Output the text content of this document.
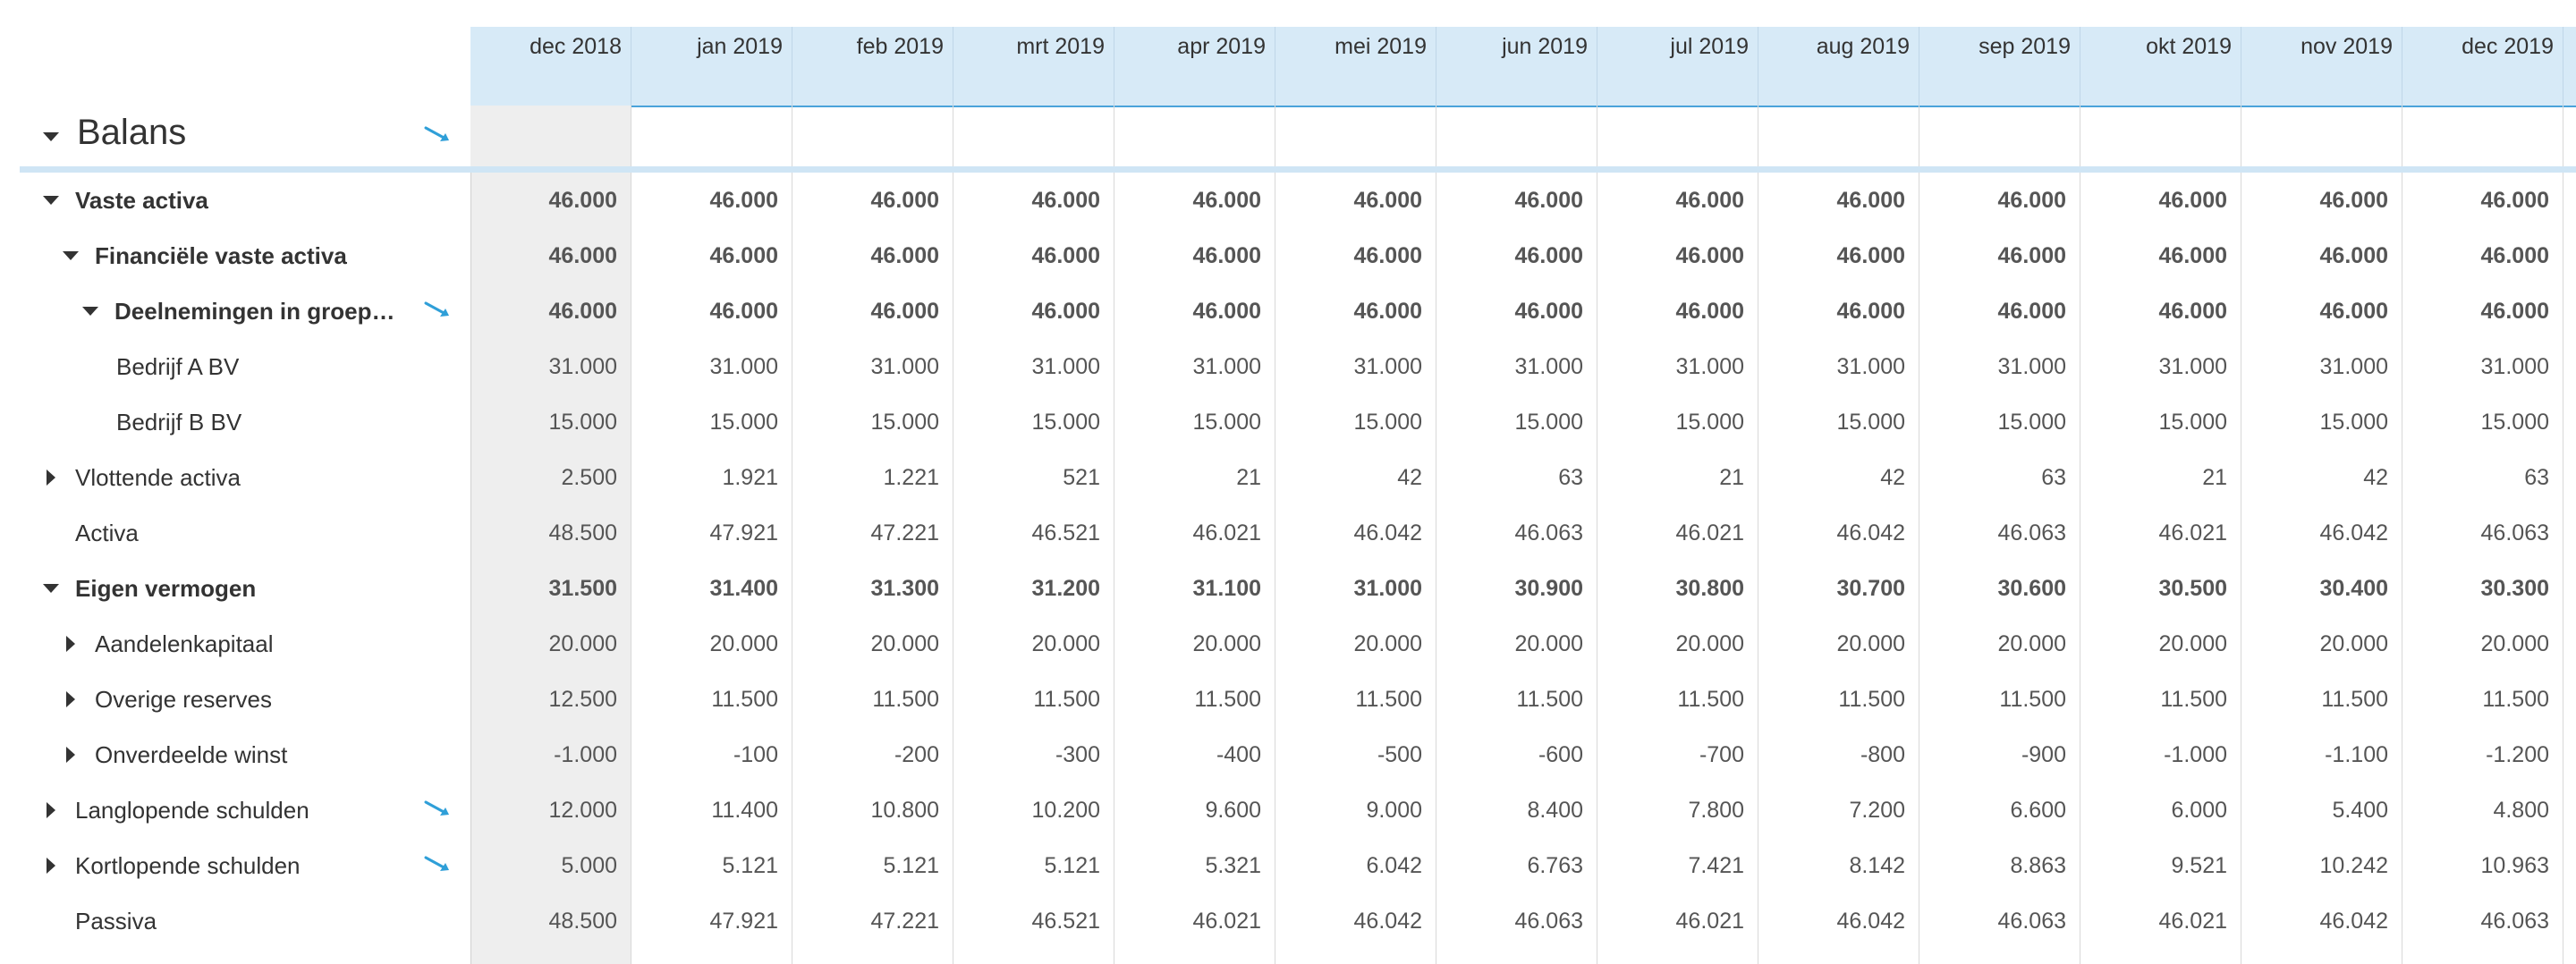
dec 2018	jan 2019	feb 2019	mrt 2019	apr 2019	mei 2019	jun 2019	jul 2019	aug 2019	sep 2019	okt 2019	nov 2019	dec 2019
Balans
Vaste activa	46.000	46.000	46.000	46.000	46.000	46.000	46.000	46.000	46.000	46.000	46.000	46.000	46.000
Financiële vaste activa	46.000	46.000	46.000	46.000	46.000	46.000	46.000	46.000	46.000	46.000	46.000	46.000	46.000
Deelnemingen in groep…	46.000	46.000	46.000	46.000	46.000	46.000	46.000	46.000	46.000	46.000	46.000	46.000	46.000
Bedrijf A BV	31.000	31.000	31.000	31.000	31.000	31.000	31.000	31.000	31.000	31.000	31.000	31.000	31.000
Bedrijf B BV	15.000	15.000	15.000	15.000	15.000	15.000	15.000	15.000	15.000	15.000	15.000	15.000	15.000
Vlottende activa	2.500	1.921	1.221	521	21	42	63	21	42	63	21	42	63
Activa	48.500	47.921	47.221	46.521	46.021	46.042	46.063	46.021	46.042	46.063	46.021	46.042	46.063
Eigen vermogen	31.500	31.400	31.300	31.200	31.100	31.000	30.900	30.800	30.700	30.600	30.500	30.400	30.300
Aandelenkapitaal	20.000	20.000	20.000	20.000	20.000	20.000	20.000	20.000	20.000	20.000	20.000	20.000	20.000
Overige reserves	12.500	11.500	11.500	11.500	11.500	11.500	11.500	11.500	11.500	11.500	11.500	11.500	11.500
Onverdeelde winst	-1.000	-100	-200	-300	-400	-500	-600	-700	-800	-900	-1.000	-1.100	-1.200
Langlopende schulden	12.000	11.400	10.800	10.200	9.600	9.000	8.400	7.800	7.200	6.600	6.000	5.400	4.800
Kortlopende schulden	5.000	5.121	5.121	5.121	5.321	6.042	6.763	7.421	8.142	8.863	9.521	10.242	10.963
Passiva	48.500	47.921	47.221	46.521	46.021	46.042	46.063	46.021	46.042	46.063	46.021	46.042	46.063
